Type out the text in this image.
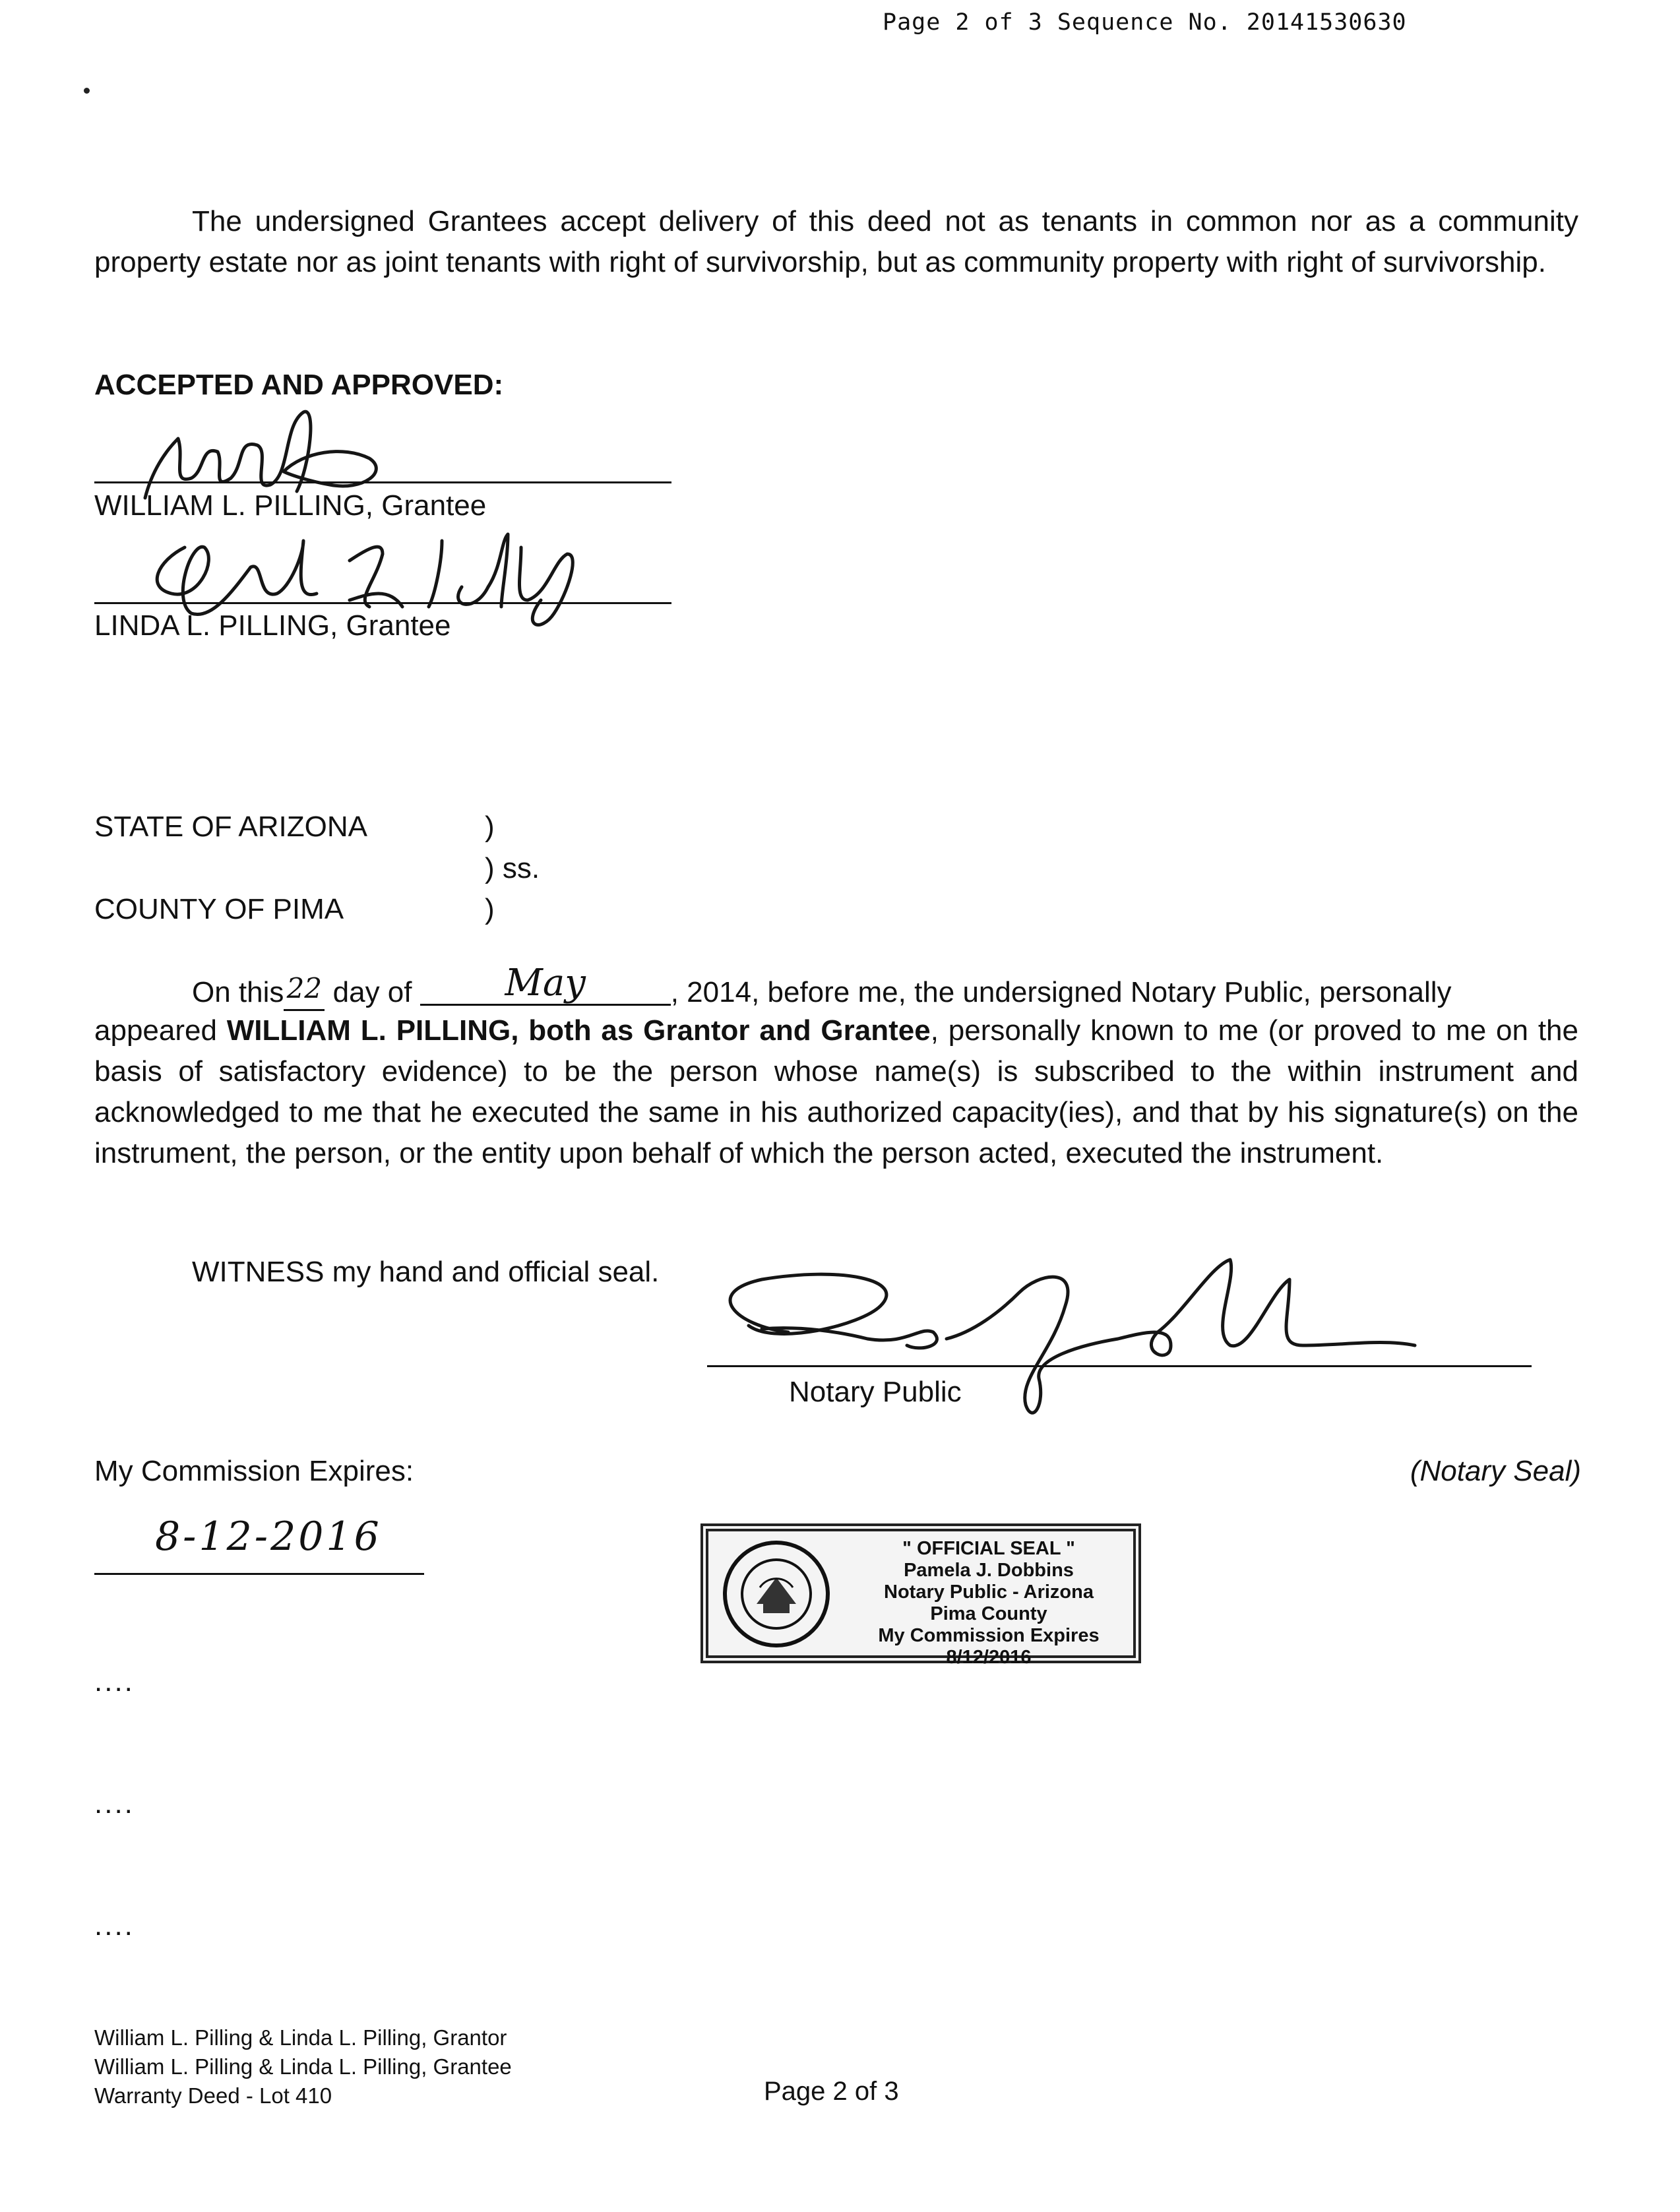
Page 2 of 3 Sequence No. 20141530630
The undersigned Grantees accept delivery of this deed not as tenants in common nor as a community property estate nor as joint tenants with right of survivorship, but as community property with right of survivorship.
ACCEPTED AND APPROVED:
WILLIAM L. PILLING, Grantee
LINDA L. PILLING, Grantee
STATE OF ARIZONA	)
) ss.
COUNTY OF PIMA	)
On this 22 day of	May	, 2014, before me, the undersigned Notary Public, personally
appeared WILLIAM L. PILLING, both as Grantor and Grantee, personally known to me (or proved to me on the basis of satisfactory evidence) to be the person whose name(s) is subscribed to the within instrument and acknowledged to me that he executed the same in his authorized capacity(ies), and that by his signature(s) on the instrument, the person, or the entity upon behalf of which the person acted, executed the instrument.
WITNESS my hand and official seal.
Notary Public
My Commission Expires:	(Notary Seal)
8-12-2016	" OFFICIAL SEAL "
Pamela J. Dobbins
Notary Public - Arizona
Pima County
My Commission Expires 8/12/2016
....
....
....
William L. Pilling & Linda L. Pilling, Grantor
William L. Pilling & Linda L. Pilling, Grantee
Warranty Deed - Lot 410	Page 2 of 3
